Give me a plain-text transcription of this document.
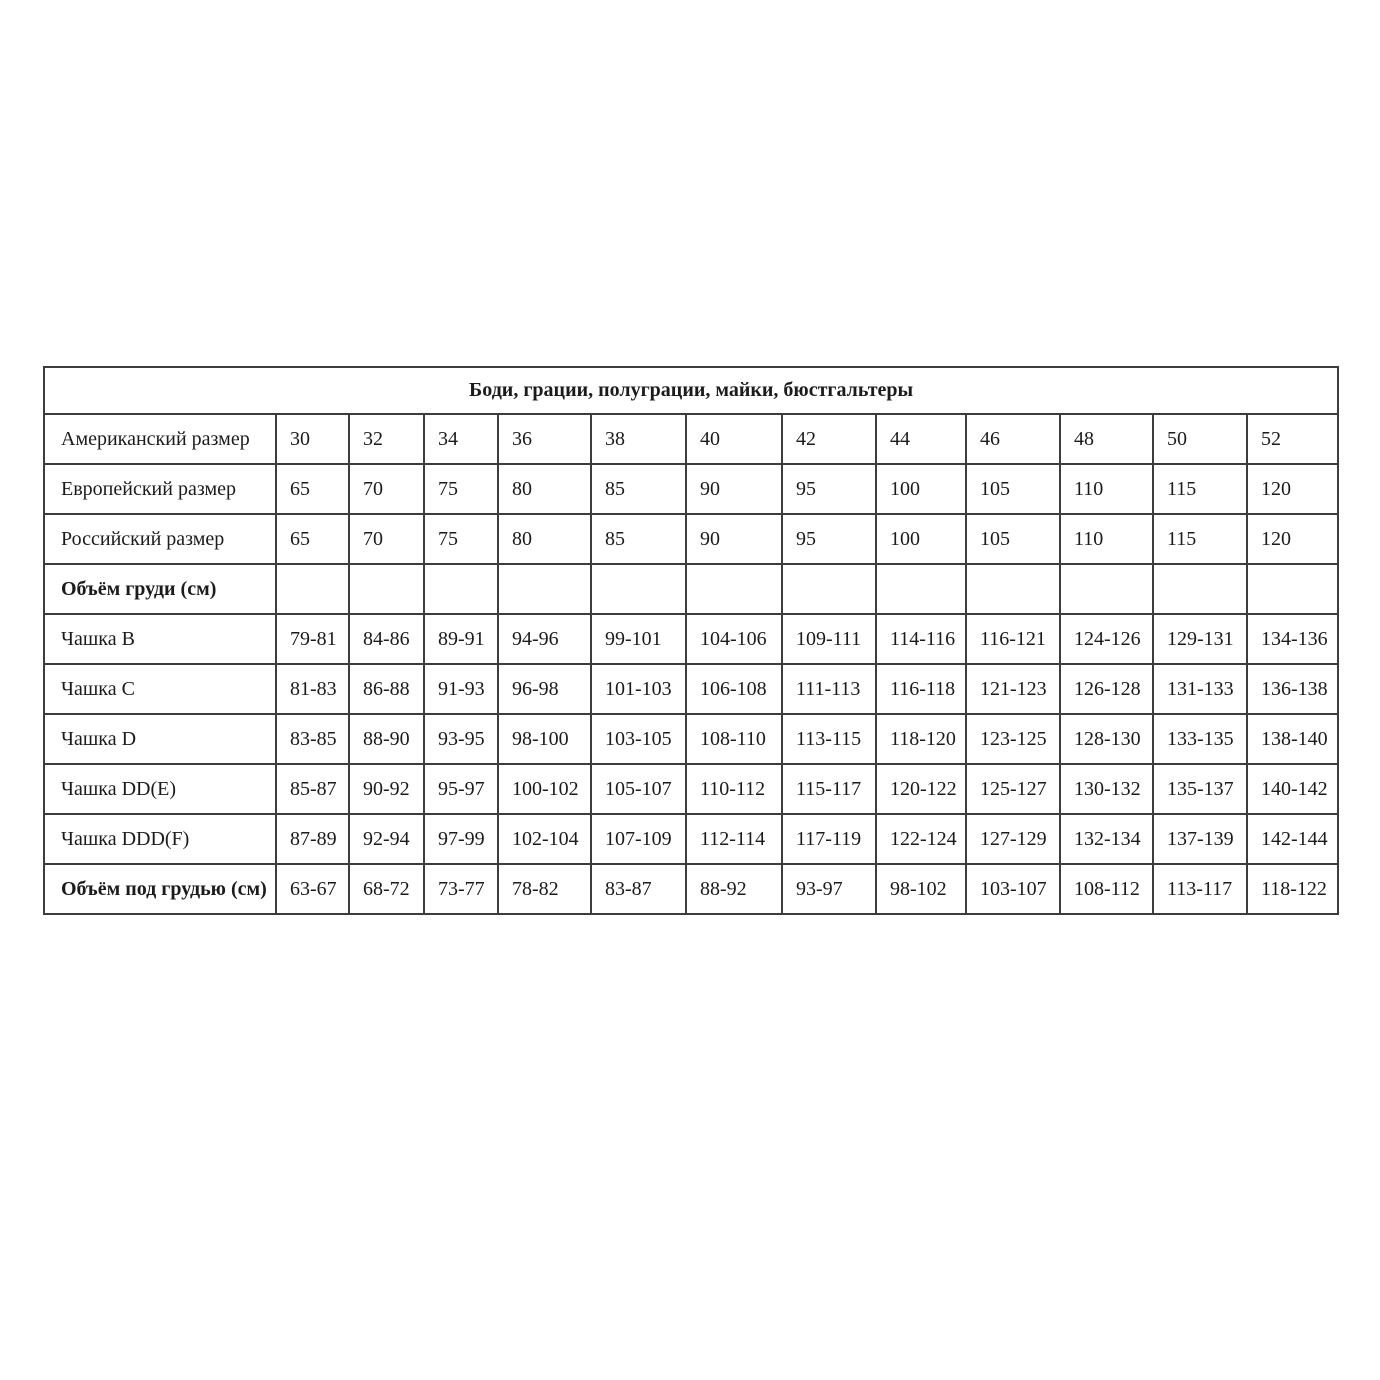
Боди, грации, полуграции, майки, бюстгальтеры												
Американский размер	30	32	34	36	38	40	42	44	46	48	50	52
Европейский размер	65	70	75	80	85	90	95	100	105	110	115	120
Российский размер	65	70	75	80	85	90	95	100	105	110	115	120
Объём груди (см)												
Чашка B	79-81	84-86	89-91	94-96	99-101	104-106	109-111	114-116	116-121	124-126	129-131	134-136
Чашка C	81-83	86-88	91-93	96-98	101-103	106-108	111-113	116-118	121-123	126-128	131-133	136-138
Чашка D	83-85	88-90	93-95	98-100	103-105	108-110	113-115	118-120	123-125	128-130	133-135	138-140
Чашка DD(E)	85-87	90-92	95-97	100-102	105-107	110-112	115-117	120-122	125-127	130-132	135-137	140-142
Чашка DDD(F)	87-89	92-94	97-99	102-104	107-109	112-114	117-119	122-124	127-129	132-134	137-139	142-144
Объём под грудью (см)	63-67	68-72	73-77	78-82	83-87	88-92	93-97	98-102	103-107	108-112	113-117	118-122
